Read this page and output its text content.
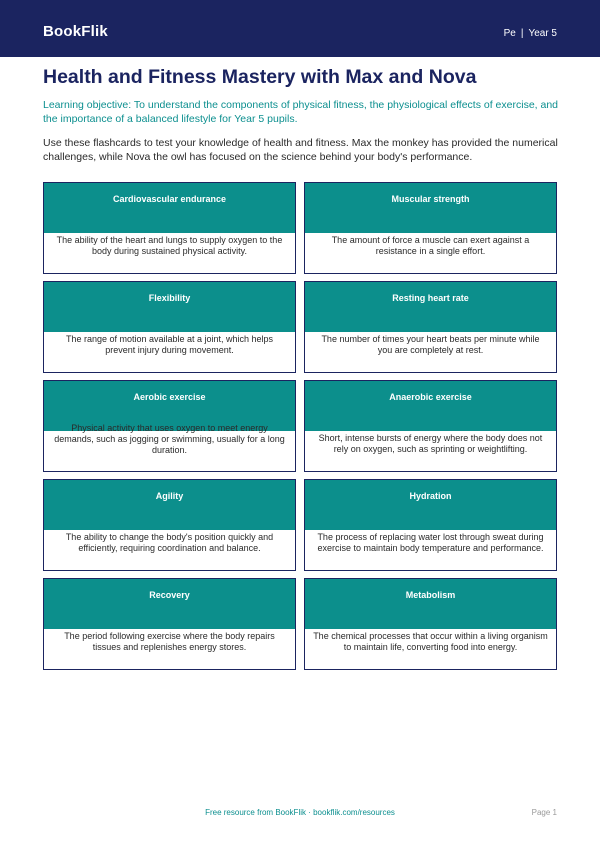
BookFlik	Pe | Year 5
Health and Fitness Mastery with Max and Nova

Learning objective: To understand the components of physical fitness, the physiological effects of exercise, and the importance of a balanced lifestyle for Year 5 pupils.

Use these flashcards to test your knowledge of health and fitness. Max the monkey has provided the numerical challenges, while Nova the owl has focused on the science behind your body's performance.

Cardiovascular endurance
The ability of the heart and lungs to supply oxygen to the body during sustained physical activity.
Muscular strength
The amount of force a muscle can exert against a resistance in a single effort.
Flexibility
The range of motion available at a joint, which helps prevent injury during movement.
Resting heart rate
The number of times your heart beats per minute while you are completely at rest.
Aerobic exercise
Physical activity that uses oxygen to meet energy demands, such as jogging or swimming, usually for a long duration.
Anaerobic exercise
Short, intense bursts of energy where the body does not rely on oxygen, such as sprinting or weightlifting.
Agility
The ability to change the body's position quickly and efficiently, requiring coordination and balance.
Hydration
The process of replacing water lost through sweat during exercise to maintain body temperature and performance.
Recovery
The period following exercise where the body repairs tissues and replenishes energy stores.
Metabolism
The chemical processes that occur within a living organism to maintain life, converting food into energy.
Free resource from BookFlik · bookflik.com/resources	Page 1
